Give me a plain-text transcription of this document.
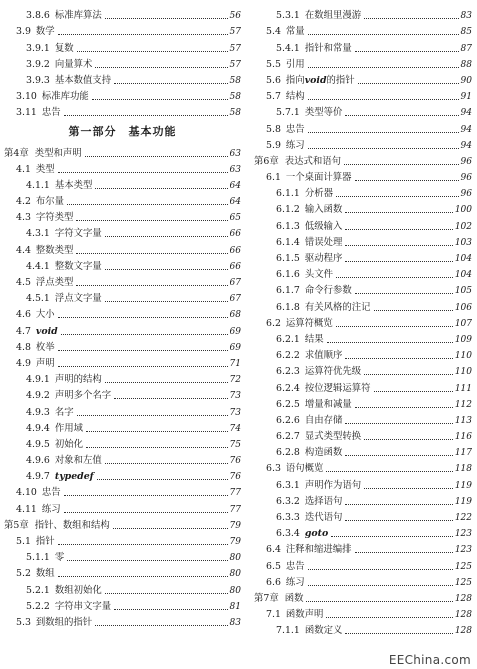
3.8.6 标准库算法	56
3.9 数学	57
3.9.1 复数	57
3.9.2 向量算术	57
3.9.3 基本数值支持	58
3.10 标准库功能	58
3.11 忠告	58
第一部分　基本功能
第4章 类型和声明	63
4.1 类型	63
4.1.1 基本类型	64
4.2 布尔量	64
4.3 字符类型	65
4.3.1 字符文字量	66
4.4 整数类型	66
4.4.1 整数文字量	66
4.5 浮点类型	67
4.5.1 浮点文字量	67
4.6 大小	68
4.7 void	69
4.8 枚举	69
4.9 声明	71
4.9.1 声明的结构	72
4.9.2 声明多个名字	73
4.9.3 名字	73
4.9.4 作用域	74
4.9.5 初始化	75
4.9.6 对象和左值	76
4.9.7 typedef	76
4.10 忠告	77
4.11 练习	77
第5章 指针、数组和结构	79
5.1 指针	79
5.1.1 零	80
5.2 数组	80
5.2.1 数组初始化	80
5.2.2 字符串文字量	81
5.3 到数组的指针	83
5.3.1 在数组里漫游	83
5.4 常量	85
5.4.1 指针和常量	87
5.5 引用	88
5.6 指向void的指针	90
5.7 结构	91
5.7.1 类型等价	94
5.8 忠告	94
5.9 练习	94
第6章 表达式和语句	96
6.1 一个桌面计算器	96
6.1.1 分析器	96
6.1.2 输入函数	100
6.1.3 低级输入	102
6.1.4 错误处理	103
6.1.5 驱动程序	104
6.1.6 头文件	104
6.1.7 命令行参数	105
6.1.8 有关风格的注记	106
6.2 运算符概览	107
6.2.1 结果	109
6.2.2 求值顺序	110
6.2.3 运算符优先级	110
6.2.4 按位逻辑运算符	111
6.2.5 增量和减量	112
6.2.6 自由存储	113
6.2.7 显式类型转换	116
6.2.8 构造函数	117
6.3 语句概览	118
6.3.1 声明作为语句	119
6.3.2 选择语句	119
6.3.3 迭代语句	122
6.3.4 goto	123
6.4 注释和缩进编排	123
6.5 忠告	125
6.6 练习	125
第7章 函数	128
7.1 函数声明	128
7.1.1 函数定义	128
EEChina.com
